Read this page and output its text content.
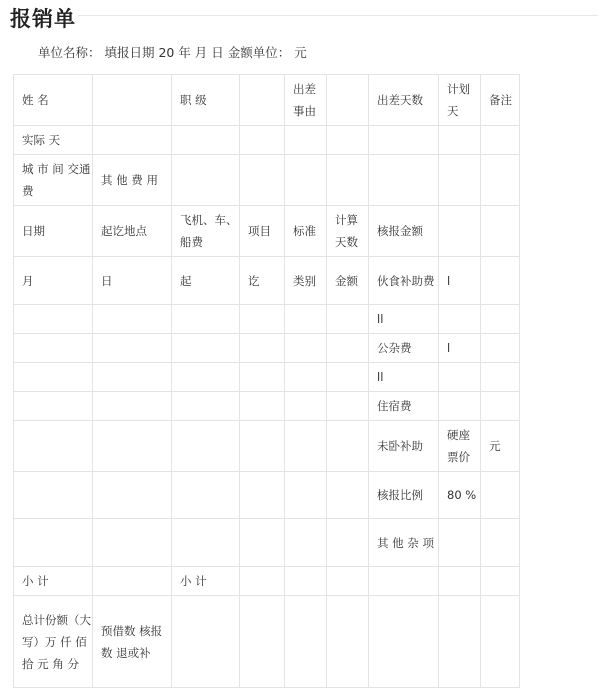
报销单
单位名称： 填报日期 20 年 月 日 金额单位： 元
姓 名		职 级		出差事由		出差天数	计划天	备注
实际 天								
城 市 间 交通 费	其 他 费 用							
日期	起讫地点	飞机、车、船费	项目	标准	计算天数	核报金额		
月	日	起	讫	类别	金额	伙食补助费	l	
						ll		
						公杂费	l	
						ll		
						住宿费		
						未卧补助	硬座票价	元
						核报比例	80 %	
						其 他 杂 项		
小 计		小 计						
总计份额（大写）万 仟 佰 拾 元 角 分	预借数 核报数 退或补							
